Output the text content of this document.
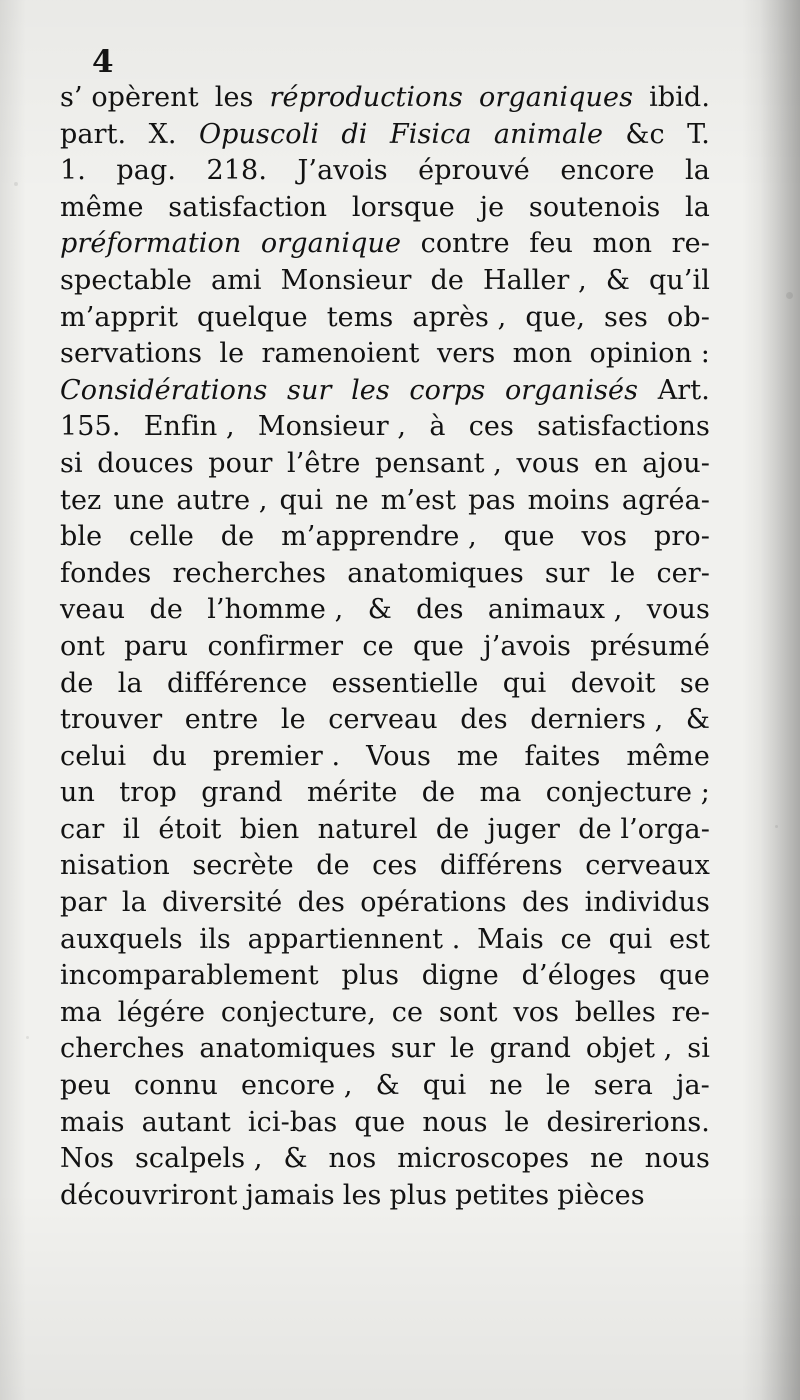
4
s’ opèrent les réproductions organiques ibid.
part. X. Opuscoli di Fisica animale &c T.
1. pag. 218. J’avois éprouvé encore la
même satisfaction lorsque je soutenois la
préformation organique contre feu mon re-
spectable ami Monsieur de Haller , & qu’il
m’apprit quelque tems après , que, ses ob-
servations le ramenoient vers mon opinion :
Considérations sur les corps organisés Art.
155. Enfin , Monsieur , à ces satisfactions
si douces pour l’être pensant , vous en ajou-
tez une autre , qui ne m’est pas moins agréa-
ble celle de m’apprendre , que vos pro-
fondes recherches anatomiques sur le cer-
veau de l’homme , & des animaux , vous
ont paru confirmer ce que j’avois présumé
de la différence essentielle qui devoit se
trouver entre le cerveau des derniers , &
celui du premier . Vous me faites même
un trop grand mérite de ma conjecture ;
car il étoit bien naturel de juger de l’orga-
nisation secrète de ces différens cerveaux
par la diversité des opérations des individus
auxquels ils appartiennent . Mais ce qui est
incomparablement plus digne d’éloges que
ma légére conjecture, ce sont vos belles re-
cherches anatomiques sur le grand objet , si
peu connu encore , & qui ne le sera ja-
mais autant ici-bas que nous le desirerions.
Nos scalpels , & nos microscopes ne nous
découvriront jamais les plus petites pièces
